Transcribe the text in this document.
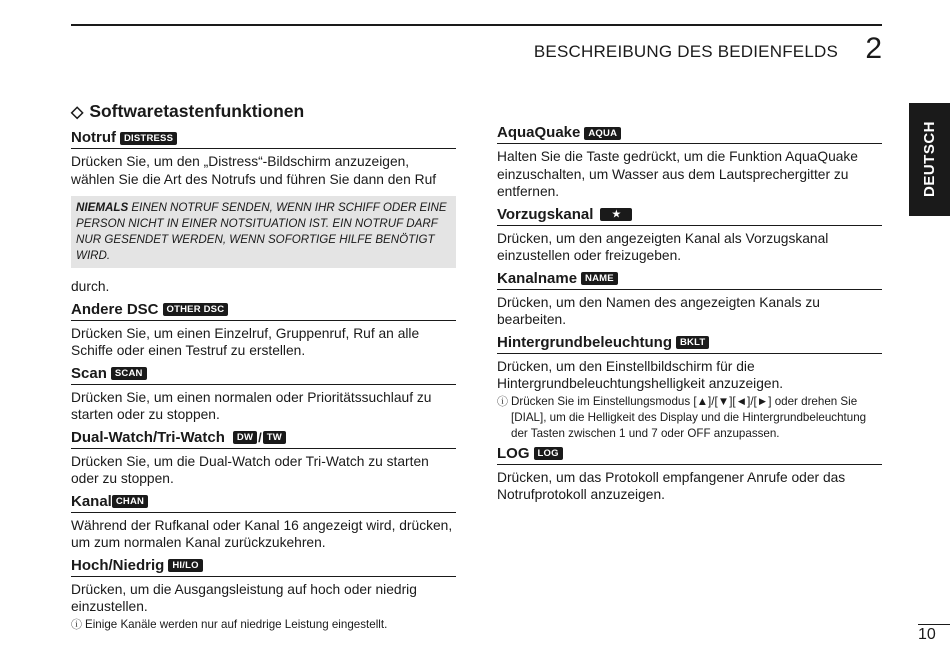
BESCHREIBUNG DES BEDIENFELDS 2
DEUTSCH
◇ Softwaretastenfunktionen
Notruf DISTRESS
Drücken Sie, um den „Distress“-Bildschirm anzuzeigen, wählen Sie die Art des Notrufs und führen Sie dann den Ruf
NIEMALS EINEN NOTRUF SENDEN, WENN IHR SCHIFF ODER EINE PERSON NICHT IN EINER NOTSITUATION IST. EIN NOTRUF DARF NUR GESENDET WERDEN, WENN SOFORTIGE HILFE BENÖTIGT WIRD.
durch.
Andere DSC OTHER DSC
Drücken Sie, um einen Einzelruf, Gruppenruf, Ruf an alle Schiffe oder einen Testruf zu erstellen.
Scan SCAN
Drücken Sie, um einen normalen oder Prioritätssuchlauf zu starten oder zu stoppen.
Dual-Watch/Tri-Watch	DW / TW
Drücken Sie, um die Dual-Watch oder Tri-Watch zu starten oder zu stoppen.
Kanal CHAN
Während der Rufkanal oder Kanal 16 angezeigt wird, drücken, um zum normalen Kanal zurückzukehren.
Hoch/Niedrig HI/LO
Drücken, um die Ausgangsleistung auf hoch oder niedrig einzustellen.
ⓘ Einige Kanäle werden nur auf niedrige Leistung eingestellt.
AquaQuake AQUA
Halten Sie die Taste gedrückt, um die Funktion AquaQuake einzuschalten, um Wasser aus dem Lautsprechergitter zu entfernen.
Vorzugskanal	★
Drücken, um den angezeigten Kanal als Vorzugskanal einzustellen oder freizugeben.
Kanalname NAME
Drücken, um den Namen des angezeigten Kanals zu bearbeiten.
Hintergrundbeleuchtung BKLT
Drücken, um den Einstellbildschirm für die Hintergrundbeleuchtungshelligkeit anzuzeigen.
ⓘ Drücken Sie im Einstellungsmodus [▲]/[▼][◄]/[►] oder drehen Sie [DIAL], um die Helligkeit des Display und die Hintergrundbeleuchtung der Tasten zwischen 1 und 7 oder OFF anzupassen.
LOG LOG
Drücken, um das Protokoll empfangener Anrufe oder das Notrufprotokoll anzuzeigen.
10
